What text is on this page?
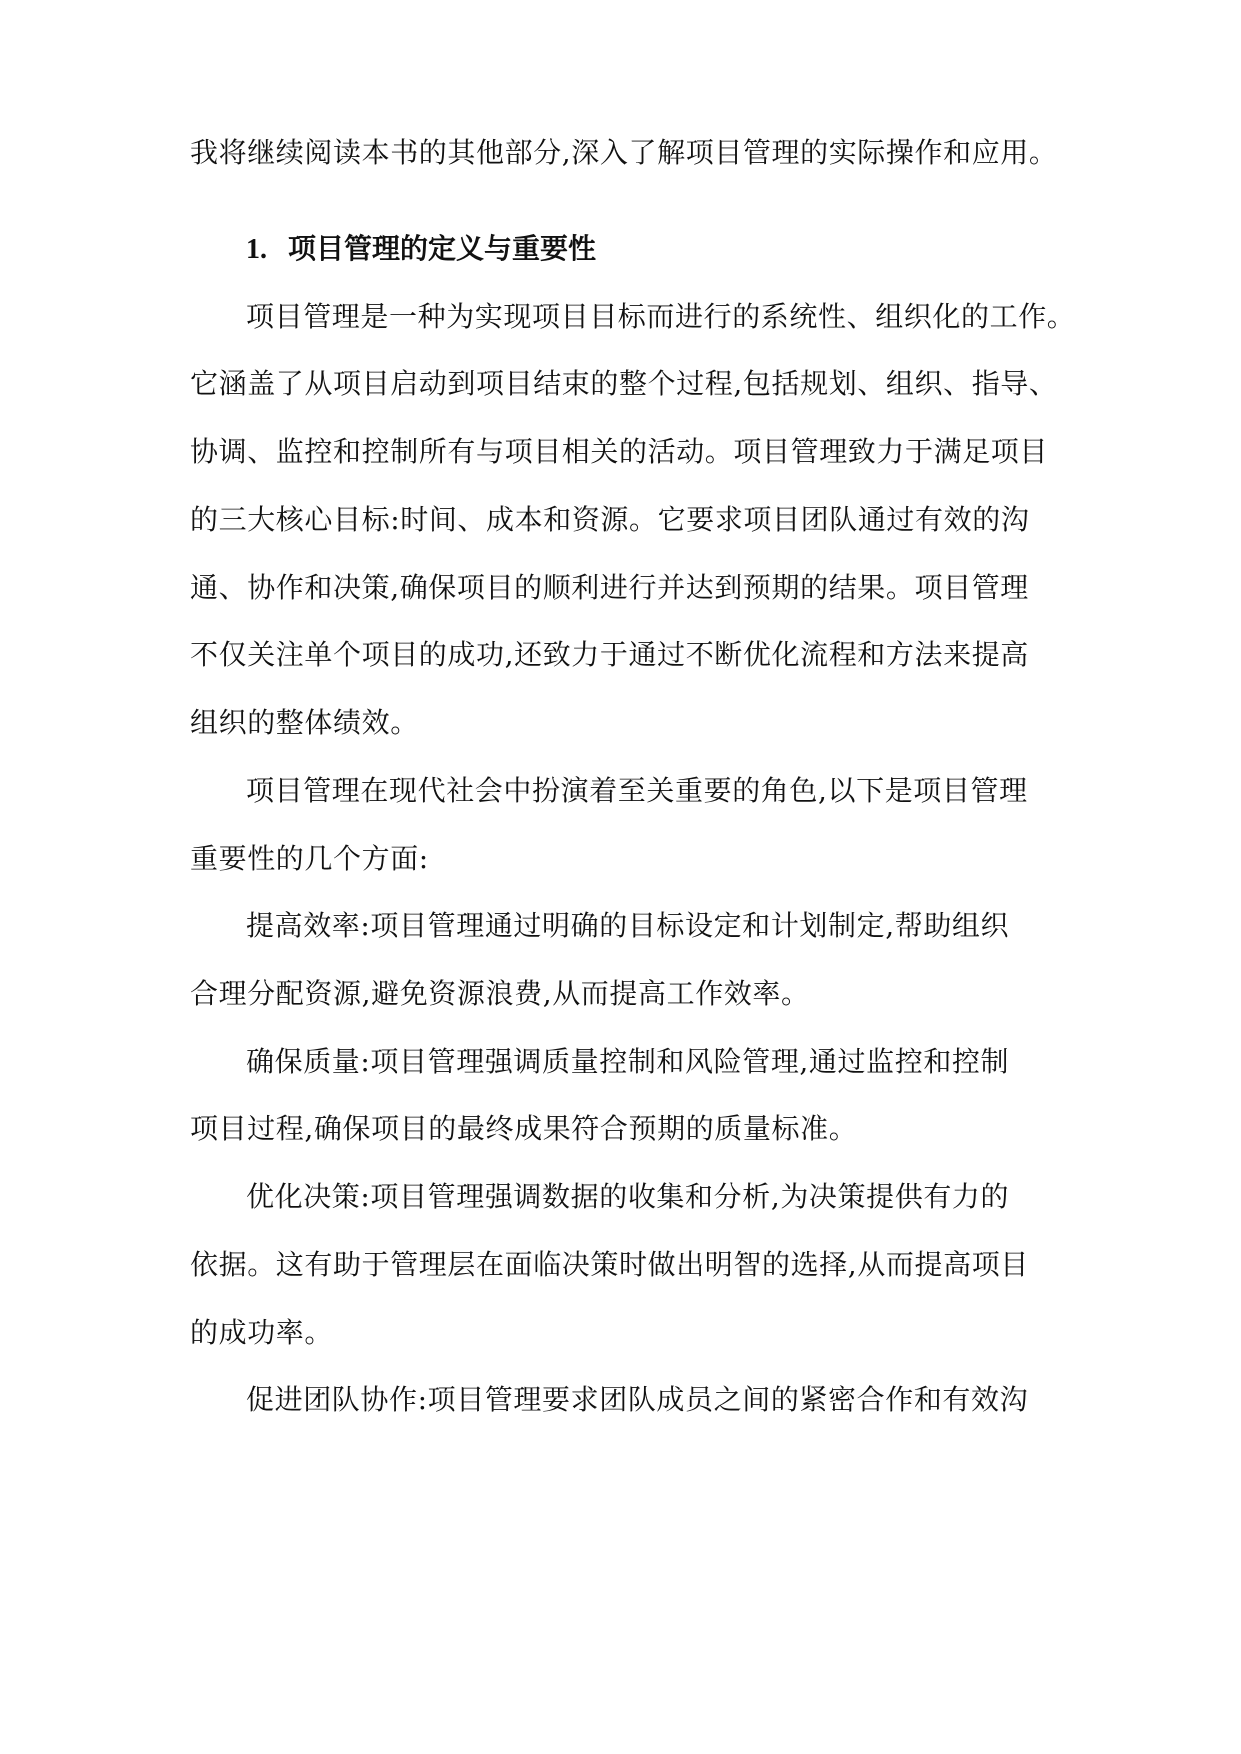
我将继续阅读本书的其他部分,深入了解项目管理的实际操作和应用。
1. 项目管理的定义与重要性
项目管理是一种为实现项目目标而进行的系统性、组织化的工作。
它涵盖了从项目启动到项目结束的整个过程,包括规划、组织、指导、
协调、监控和控制所有与项目相关的活动。项目管理致力于满足项目
的三大核心目标:时间、成本和资源。它要求项目团队通过有效的沟
通、协作和决策,确保项目的顺利进行并达到预期的结果。项目管理
不仅关注单个项目的成功,还致力于通过不断优化流程和方法来提高
组织的整体绩效。
项目管理在现代社会中扮演着至关重要的角色,以下是项目管理
重要性的几个方面:
提高效率:项目管理通过明确的目标设定和计划制定,帮助组织
合理分配资源,避免资源浪费,从而提高工作效率。
确保质量:项目管理强调质量控制和风险管理,通过监控和控制
项目过程,确保项目的最终成果符合预期的质量标准。
优化决策:项目管理强调数据的收集和分析,为决策提供有力的
依据。这有助于管理层在面临决策时做出明智的选择,从而提高项目
的成功率。
促进团队协作:项目管理要求团队成员之间的紧密合作和有效沟
